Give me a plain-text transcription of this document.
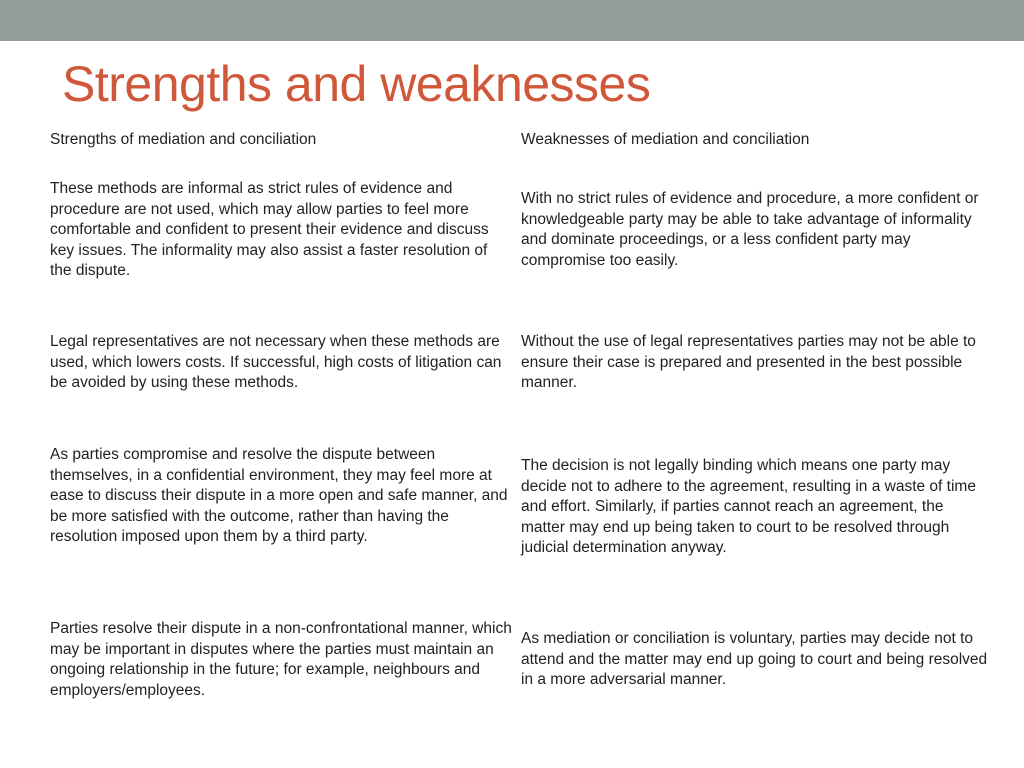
Strengths and weaknesses
Strengths of mediation and conciliation
These methods are informal as strict rules of evidence and procedure are not used, which may allow parties to feel more comfortable and confident to present their evidence and discuss key issues. The informality may also assist a faster resolution of the dispute.
Legal representatives are not necessary when these methods are used, which lowers costs. If successful, high costs of litigation can be avoided by using these methods.
As parties compromise and resolve the dispute between themselves, in a confidential environment, they may feel more at ease to discuss their dispute in a more open and safe manner, and be more satisfied with the outcome, rather than having the resolution imposed upon them by a third party.
Parties resolve their dispute in a non-confrontational manner, which may be important in disputes where the parties must maintain an ongoing relationship in the future; for example, neighbours and employers/employees.
Weaknesses of mediation and conciliation
With no strict rules of evidence and procedure, a more confident or knowledgeable party may be able to take advantage of informality and dominate proceedings, or a less confident party may compromise too easily.
Without the use of legal representatives parties may not be able to ensure their case is prepared and presented in the best possible manner.
The decision is not legally binding which means one party may decide not to adhere to the agreement, resulting in a waste of time and effort. Similarly, if parties cannot reach an agreement, the matter may end up being taken to court to be resolved through judicial determination anyway.
As mediation or conciliation is voluntary, parties may decide not to attend and the matter may end up going to court and being resolved in a more adversarial manner.
